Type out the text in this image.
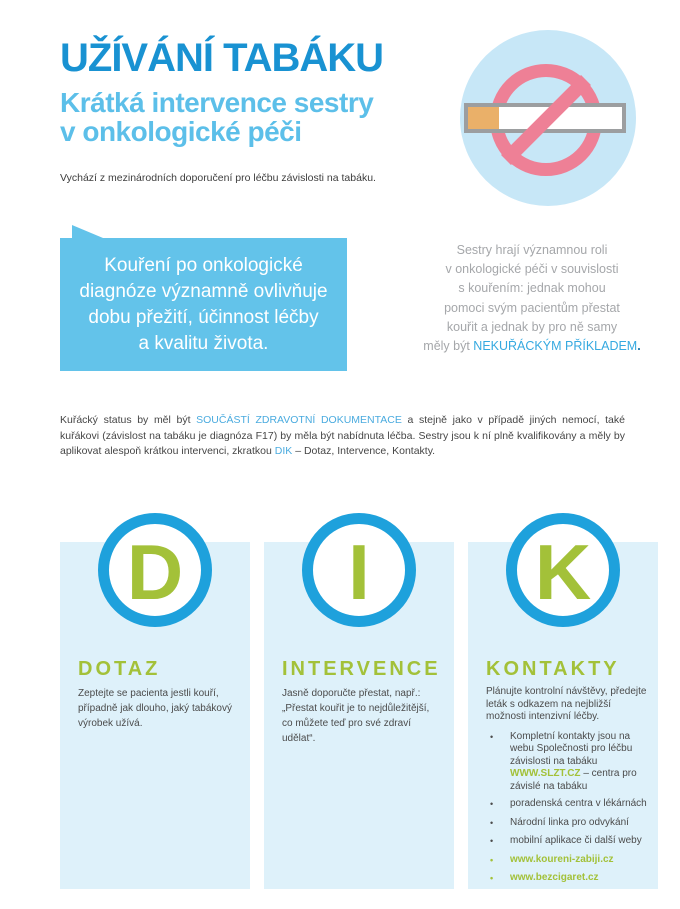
UŽÍVÁNÍ TABÁKU
Krátká intervence sestry
v onkologické péči
Vychází z mezinárodních doporučení pro léčbu závislosti na tabáku.
Kouření po onkologické
diagnóze významně ovlivňuje
dobu přežití, účinnost léčby
a kvalitu života.
Sestry hrají významnou roli
v onkologické péči v souvislosti
s kouřením: jednak mohou
pomoci svým pacientům přestat
kouřit a jednak by pro ně samy
měly být NEKUŘÁCKÝM PŘÍKLADEM.

Kuřácký status by měl být SOUČÁSTÍ ZDRAVOTNÍ DOKUMENTACE a stejně jako v případě jiných nemocí, také kuřákovi (závislost na tabáku je diagnóza F17) by měla být nabídnuta léčba. Sestry jsou k ní plně kvalifikovány a měly by aplikovat alespoň krátkou intervenci, zkratkou DIK – Dotaz, Intervence, Kontakty.

D
DOTAZ
Zeptejte se pacienta jestli kouří, případně jak dlouho, jaký tabákový výrobek užívá.
I
INTERVENCE
Jasně doporučte přestat, např.: „Přestat kouřit je to nejdůležitější, co můžete teď pro své zdraví udělat“.
K
KONTAKTY
Plánujte kontrolní návštěvy, předejte leták s odkazem na nejbližší možnosti intenzivní léčby.
•
Kompletní kontakty jsou na webu Společnosti pro léčbu závislosti na tabáku WWW.SLZT.CZ – centra pro závislé na tabáku
•
poradenská centra v lékárnách
•
Národní linka pro odvykání
•
mobilní aplikace či další weby
•
www.koureni-zabiji.cz
•
www.bezcigaret.cz
